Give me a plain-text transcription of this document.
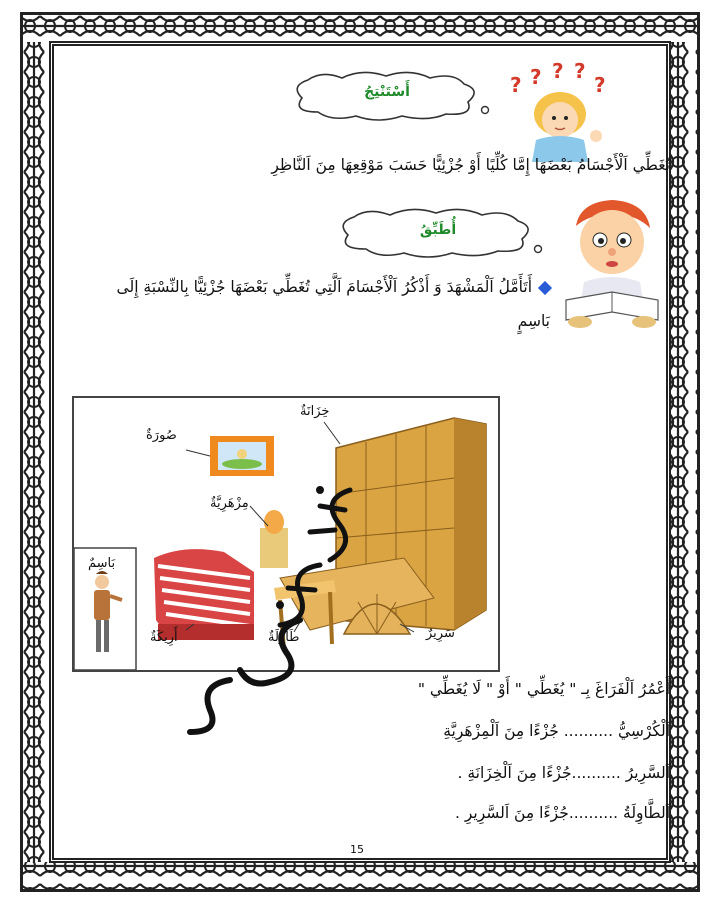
أَسْتَنْتِجُ	? ? ? ?
?
تُغَطِّي اَلْأَجْسَامُ بَعْضَهَا إِمَّا كُلِّيًا أَوْ جُزْئِيًّا حَسَبَ مَوْقِعِهَا مِنَ اَلنَّاظِرِ
أُطَبِّقُ
أَتَأَمَّلُ اَلْمَشْهَدَ وَ أَذْكُرُ اَلْأَجْسَامَ اَلَّتِي تُغَطِّي بَعْضَهَا جُزْئِيًّا بِالنِّسْبَةِ إِلَى بَاسِمٍ
خِزَانَةٌ
صُورَةٌ
مِزْهَرِيَّةٌ
بَاسِمٌ
سَرِيرٌ
طَاوِلَةٌ
أَرِيكَةٌ
أَعْمُرُ اَلْفَرَاغَ بِـ " يُغَطِّي " أَوْ " لَا يُغَطِّي "
اَلْكُرْسِيُّ .......... جُزْءًا مِنَ اَلْمِزْهَرِيَّةِ
اَلسَّرِيرُ ..........جُزْءًا مِنَ اَلْخِزَانَةِ .
اَلطَّاوِلَةُ ..........جُزْءًا مِنَ اَلسَّرِيرِ .
15
